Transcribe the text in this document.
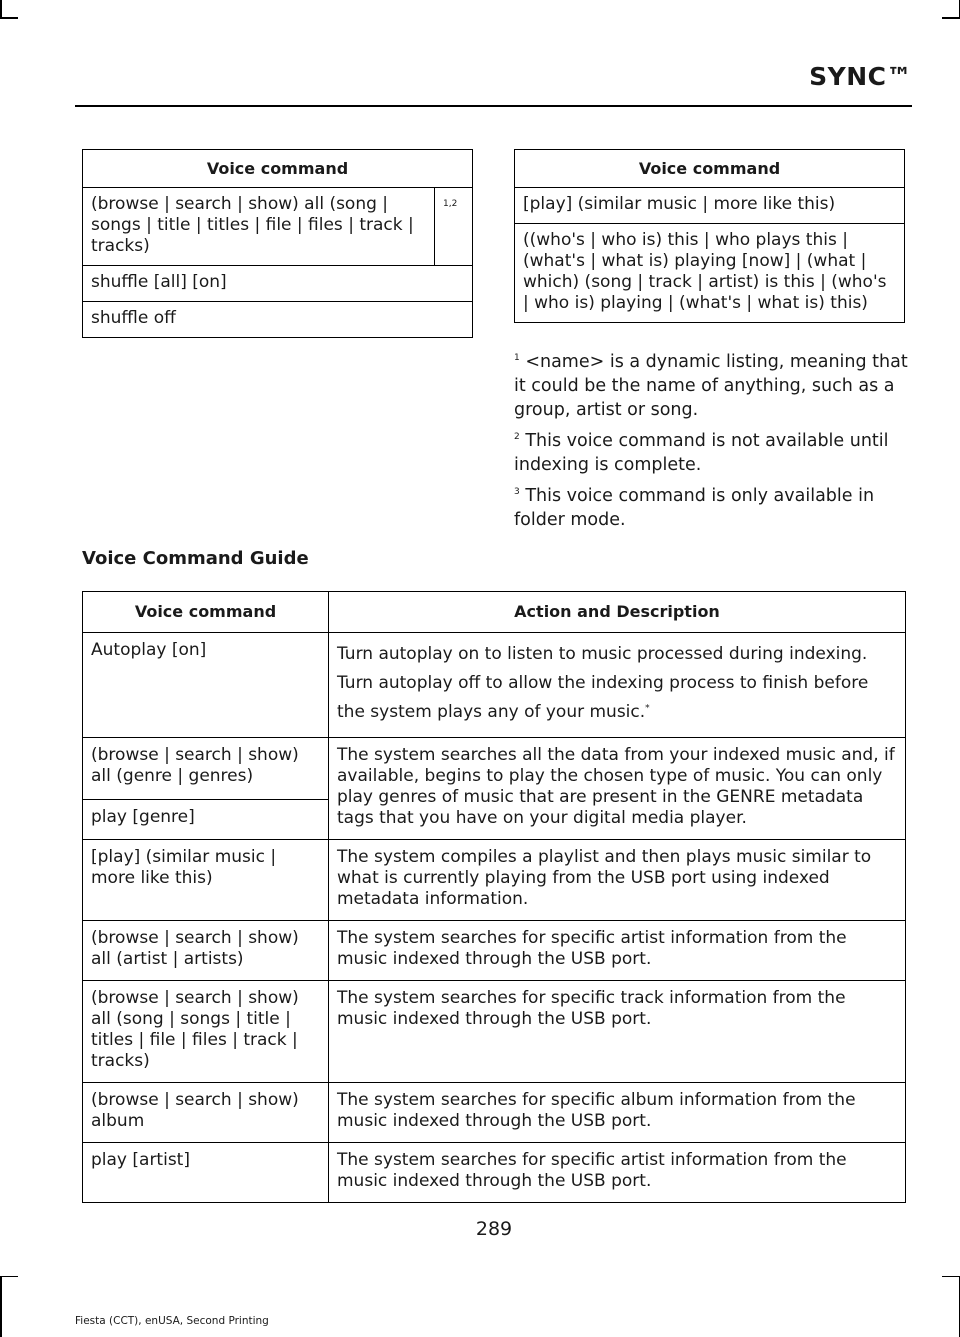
SYNC™
Voice command
(browse | search | show) all (song | songs | title | titles | file | files | track | tracks)	1,2
shuffle [all] [on]
shuffle off
Voice command
[play] (similar music | more like this)
((who's | who is) this | who plays this | (what's | what is) playing [now] | (what | which) (song | track | artist) is this | (who's | who is) playing | (what's | what is) this)

$^1$ <name> is a dynamic listing, meaning that it could be the name of anything, such as a group, artist or song.

$^2$ This voice command is not available until indexing is complete.

$^3$ This voice command is only available in folder mode.

Voice Command Guide
Voice command	Action and Description
Autoplay [on]	Turn autoplay on to listen to music processed during indexing. Turn autoplay off to allow the indexing process to finish before the system plays any of your music.*
(browse | search | show) all (genre | genres)	The system searches all the data from your indexed music and, if available, begins to play the chosen type of music. You can only play genres of music that are present in the GENRE metadata tags that you have on your digital media player.
play [genre]	
[play] (similar music | more like this)	The system compiles a playlist and then plays music similar to what is currently playing from the USB port using indexed metadata information.
(browse | search | show) all (artist | artists)	The system searches for specific artist information from the music indexed through the USB port.
(browse | search | show) all (song | songs | title | titles | file | files | track | tracks)	The system searches for specific track information from the music indexed through the USB port.
(browse | search | show) album	The system searches for specific album information from the music indexed through the USB port.
play [artist]	The system searches for specific artist information from the music indexed through the USB port.
289
Fiesta (CCT), enUSA, Second Printing
